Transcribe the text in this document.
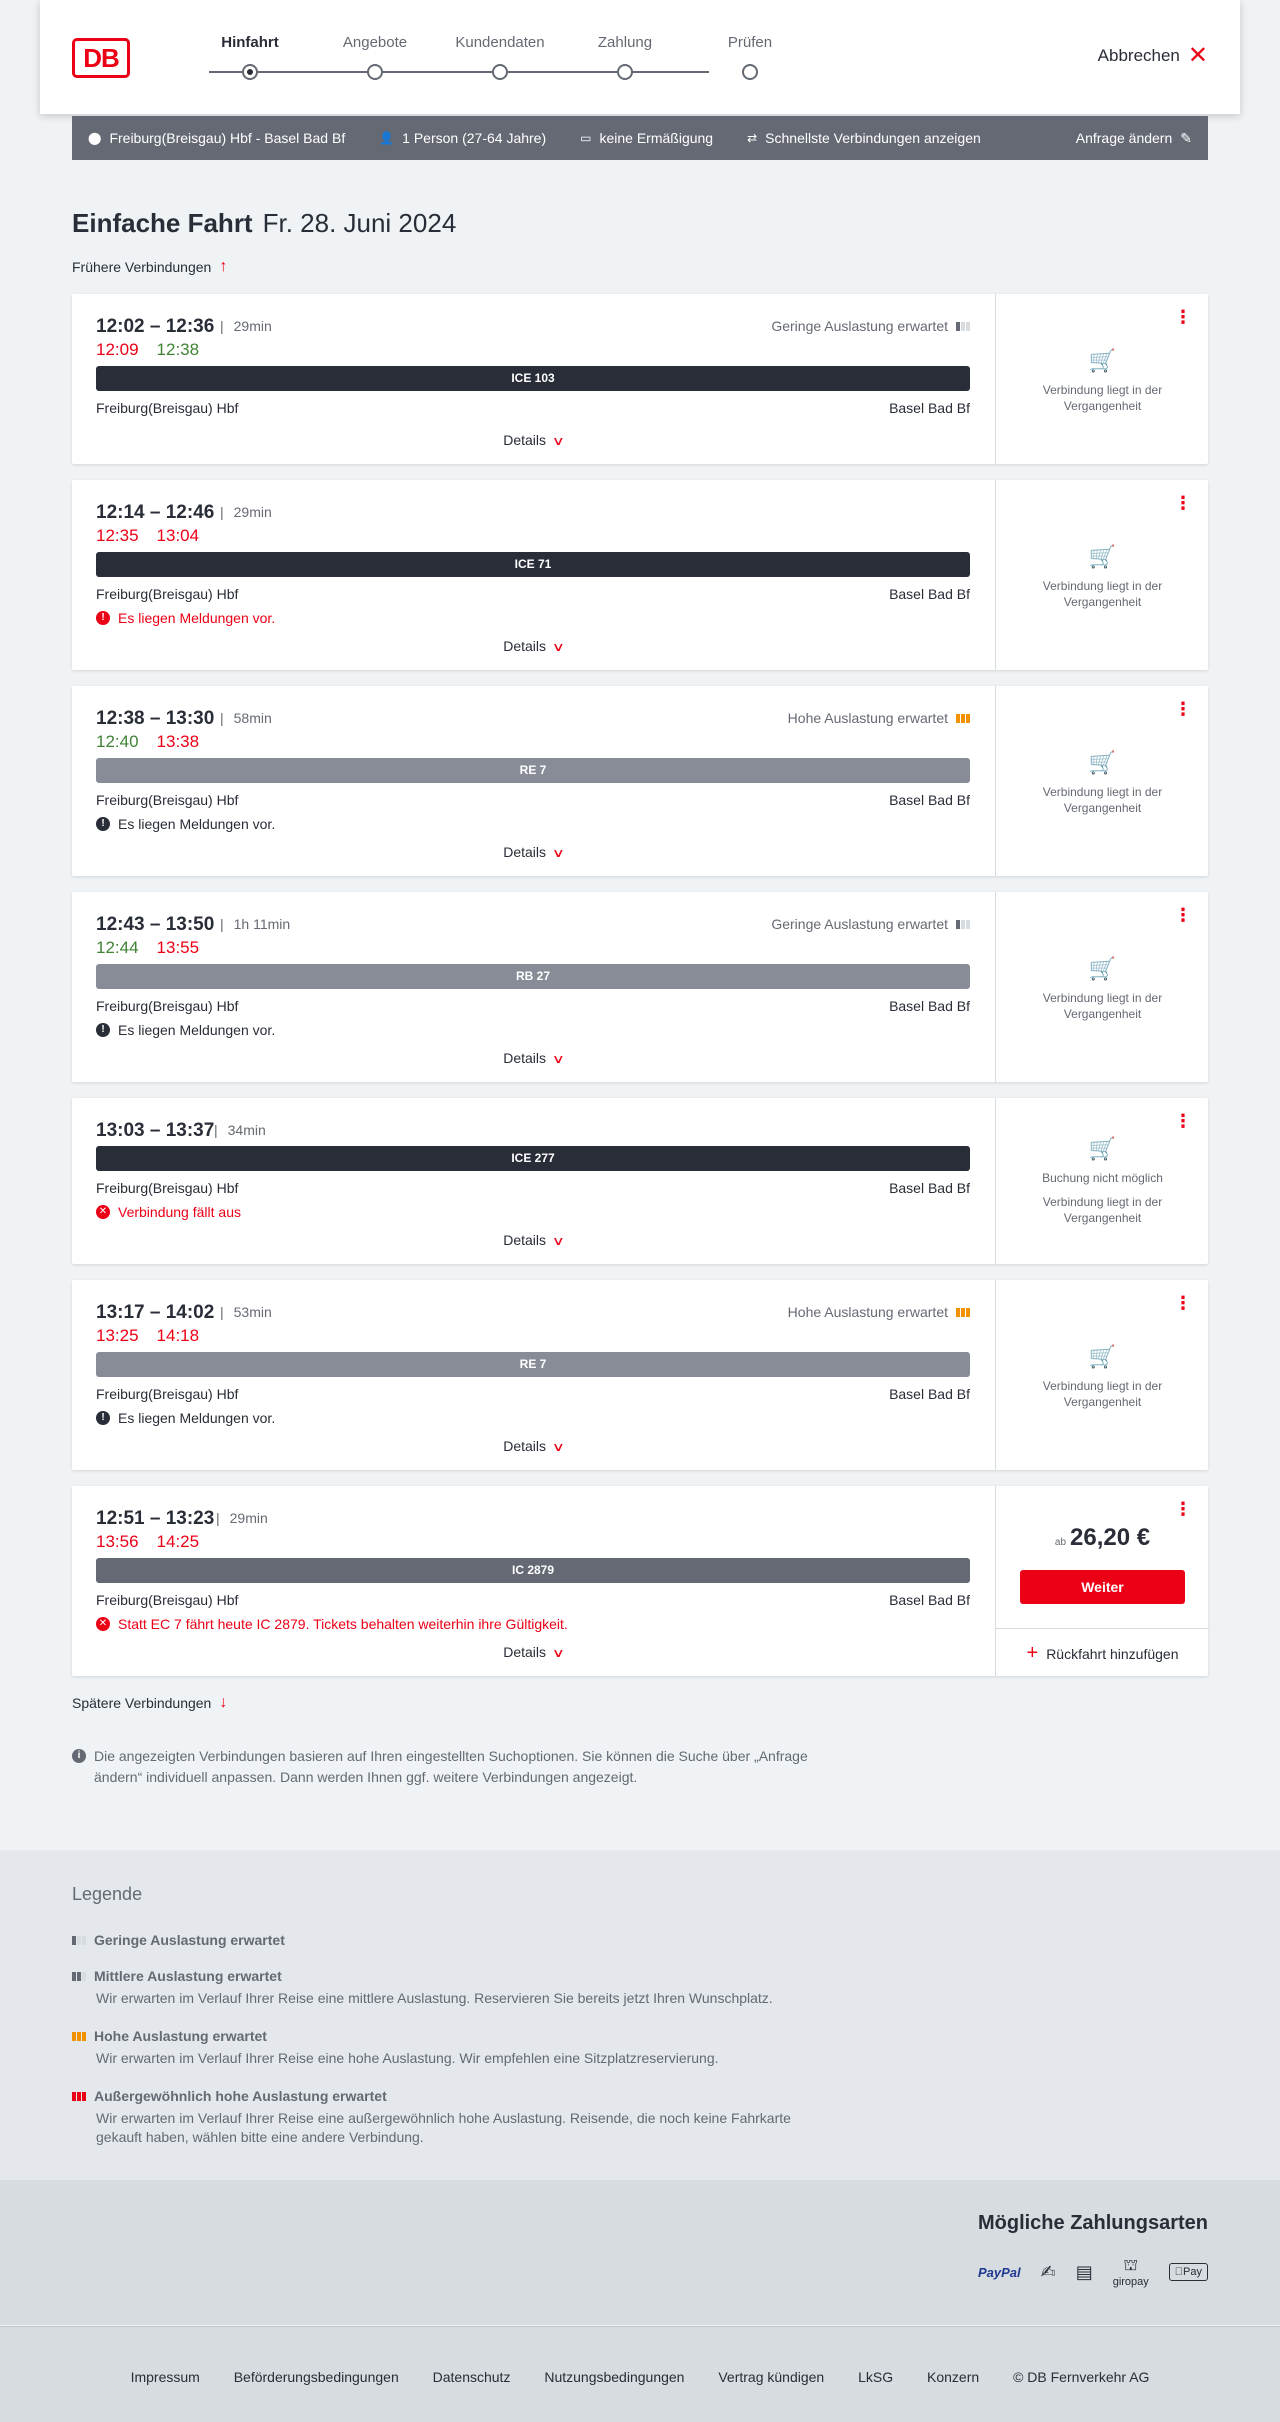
DB
Hinfahrt	Angebote	Kundendaten	Zahlung	Prüfen
Abbrechen ✕
⬤ Freiburg(Breisgau) Hbf - Basel Bad Bf	👤 1 Person (27-64 Jahre)	▭ keine Ermäßigung	⇄ Schnellste Verbindungen anzeigen	Anfrage ändern ✎
Einfache Fahrt Fr. 28. Juni 2024
Frühere Verbindungen ↑
12:02 – 12:36	| 29min
12:09 12:38
Geringe Auslastung erwartet
ICE 103
Freiburg(Breisgau) Hbf	Basel Bad Bf
Details ∨
⋮
🛒
Verbindung liegt in der Vergangenheit
12:14 – 12:46	| 29min
12:35 13:04
ICE 71
Freiburg(Breisgau) Hbf	Basel Bad Bf
! Es liegen Meldungen vor.
Details ∨
⋮
🛒
Verbindung liegt in der Vergangenheit
12:38 – 13:30	| 58min
12:40 13:38
Hohe Auslastung erwartet
RE 7
Freiburg(Breisgau) Hbf	Basel Bad Bf
! Es liegen Meldungen vor.
Details ∨
⋮
🛒
Verbindung liegt in der Vergangenheit
12:43 – 13:50	| 1h 11min
12:44 13:55
Geringe Auslastung erwartet
RB 27
Freiburg(Breisgau) Hbf	Basel Bad Bf
! Es liegen Meldungen vor.
Details ∨
⋮
🛒
Verbindung liegt in der Vergangenheit
13:03 – 13:37 | 34min
ICE 277
Freiburg(Breisgau) Hbf	Basel Bad Bf
✕ Verbindung fällt aus
Details ∨
⋮
🛒
Buchung nicht möglich
Verbindung liegt in der Vergangenheit
13:17 – 14:02	| 53min
13:25 14:18
Hohe Auslastung erwartet
RE 7
Freiburg(Breisgau) Hbf	Basel Bad Bf
! Es liegen Meldungen vor.
Details ∨
⋮
🛒
Verbindung liegt in der Vergangenheit
12:51 – 13:23	| 29min
13:56 14:25
IC 2879
Freiburg(Breisgau) Hbf	Basel Bad Bf
✕ Statt EC 7 fährt heute IC 2879. Tickets behalten weiterhin ihre Gültigkeit.
Details ∨
⋮
ab 26,20 €
Weiter
+ Rückfahrt hinzufügen
Spätere Verbindungen ↓
i Die angezeigten Verbindungen basieren auf Ihren eingestellten Suchoptionen. Sie können die Suche über „Anfrage ändern“ individuell anpassen. Dann werden Ihnen ggf. weitere Verbindungen angezeigt.
Legende
Geringe Auslastung erwartet
Mittlere Auslastung erwartet
Wir erwarten im Verlauf Ihrer Reise eine mittlere Auslastung. Reservieren Sie bereits jetzt Ihren Wunschplatz.
Hohe Auslastung erwartet
Wir erwarten im Verlauf Ihrer Reise eine hohe Auslastung. Wir empfehlen eine Sitzplatzreservierung.
Außergewöhnlich hohe Auslastung erwartet
Wir erwarten im Verlauf Ihrer Reise eine außergewöhnlich hohe Auslastung. Reisende, die noch keine Fahrkarte gekauft haben, wählen bitte eine andere Verbindung.
Mögliche Zahlungsarten
PayPal	✍	▤	⛫
giropay
Pay
Impressum Beförderungsbedingungen Datenschutz Nutzungsbedingungen Vertrag kündigen LkSG Konzern © DB Fernverkehr AG
